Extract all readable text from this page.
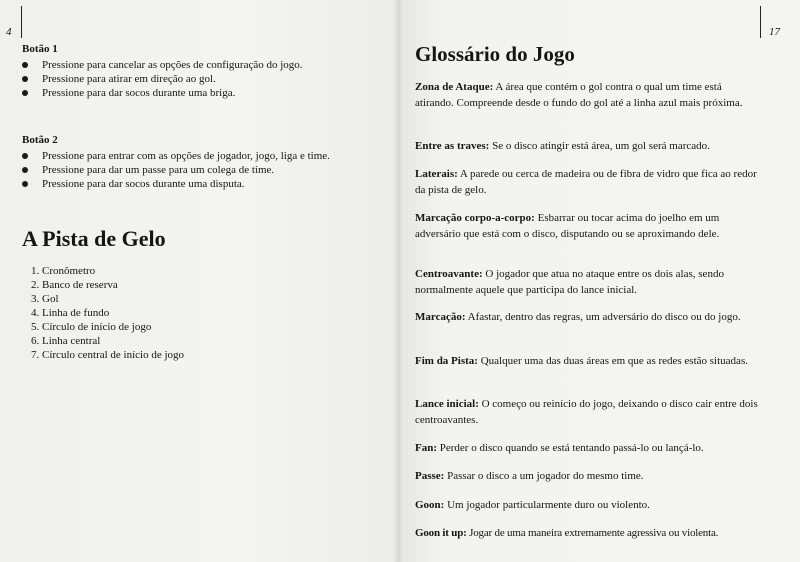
4	17
Botão 1
Pressione para cancelar as opções de configuração do jogo.
Pressione para atirar em direção ao gol.
Pressione para dar socos durante uma briga.
Botão 2
Pressione para entrar com as opções de jogador, jogo, liga e time.
Pressione para dar um passe para um colega de time.
Pressione para dar socos durante uma disputa.
A Pista de Gelo
1. Cronômetro
2. Banco de reserva
3. Gol
4. Linha de fundo
5. Círculo de início de jogo
6. Linha central
7. Círculo central de início de jogo
Glossário do Jogo
Zona de Ataque: A área que contém o gol contra o qual um time está atirando. Compreende desde o fundo do gol até a linha azul mais próxima.
Entre as traves: Se o disco atingir está área, um gol será marcado.
Laterais: A parede ou cerca de madeira ou de fibra de vidro que fica ao redor da pista de gelo.
Marcação corpo-a-corpo: Esbarrar ou tocar acima do joelho em um adversário que está com o disco, disputando ou se aproximando dele.
Centroavante: O jogador que atua no ataque entre os dois alas, sendo normalmente aquele que participa do lance inicial.
Marcação: Afastar, dentro das regras, um adversário do disco ou do jogo.
Fim da Pista: Qualquer uma das duas áreas em que as redes estão situadas.
Lance inicial: O começo ou reinício do jogo, deixando o disco cair entre dois centroavantes.
Fan: Perder o disco quando se está tentando passá-lo ou lançá-lo.
Passe: Passar o disco a um jogador do mesmo time.
Goon: Um jogador particularmente duro ou violento.
Goon it up: Jogar de uma maneira extremamente agressiva ou violenta.
